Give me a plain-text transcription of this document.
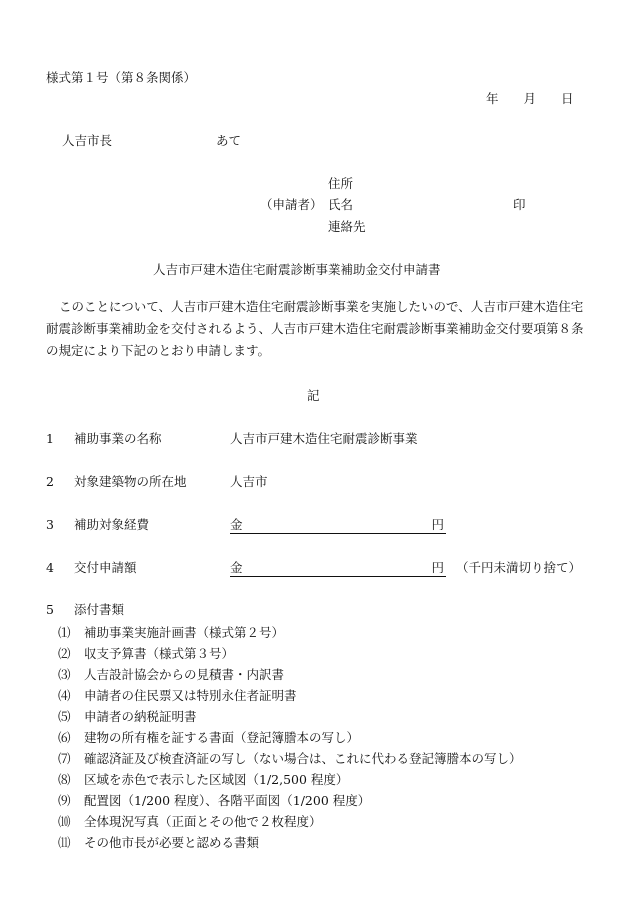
様式第１号（第８条関係）
年　　月　　日
人吉市長	あて
住所
（申請者） 氏名	印
連絡先
人吉市戸建木造住宅耐震診断事業補助金交付申請書
このことについて、人吉市戸建木造住宅耐震診断事業を実施したいので、人吉市戸建木造住宅耐震診断事業補助金を交付されるよう、人吉市戸建木造住宅耐震診断事業補助金交付要項第８条の規定により下記のとおり申請します。
記
1 補助事業の名称	人吉市戸建木造住宅耐震診断事業
2 対象建築物の所在地	人吉市
3 補助対象経費	金	円
4 交付申請額	金	円 （千円未満切り捨て）
5 添付書類
⑴ 補助事業実施計画書（様式第２号）
⑵ 収支予算書（様式第３号）
⑶ 人吉設計協会からの見積書・内訳書
⑷ 申請者の住民票又は特別永住者証明書
⑸ 申請者の納税証明書
⑹ 建物の所有権を証する書面（登記簿謄本の写し）
⑺ 確認済証及び検査済証の写し（ない場合は、これに代わる登記簿謄本の写し）
⑻ 区域を赤色で表示した区域図（1/2,500 程度）
⑼ 配置図（1/200 程度）、各階平面図（1/200 程度）
⑽ 全体現況写真（正面とその他で２枚程度）
⑾ その他市長が必要と認める書類
